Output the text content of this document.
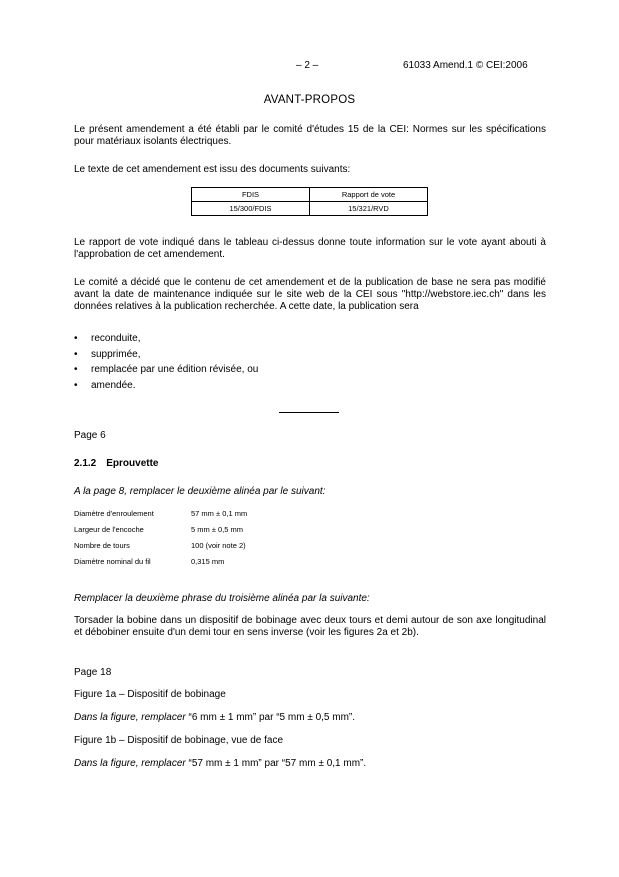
– 2 –	61033 Amend.1 © CEI:2006

AVANT-PROPOS

Le présent amendement a été établi par le comité d'études 15 de la CEI: Normes sur les spécifications pour matériaux isolants électriques.

Le texte de cet amendement est issu des documents suivants:

FDIS	Rapport de vote
15/300/FDIS	15/321/RVD

Le rapport de vote indiqué dans le tableau ci-dessus donne toute information sur le vote ayant abouti à l'approbation de cet amendement.

Le comité a décidé que le contenu de cet amendement et de la publication de base ne sera pas modifié avant la date de maintenance indiquée sur le site web de la CEI sous "http://webstore.iec.ch" dans les données relatives à la publication recherchée. A cette date, la publication sera

• reconduite,
• supprimée,
• remplacée par une édition révisée, ou
• amendée.

Page 6

2.1.2 Eprouvette

A la page 8, remplacer le deuxième alinéa par le suivant:

Diamètre d'enroulement	57 mm ± 0,1 mm
Largeur de l'encoche	5 mm ± 0,5 mm
Nombre de tours	100 (voir note 2)
Diamètre nominal du fil	0,315 mm

Remplacer la deuxième phrase du troisième alinéa par la suivante:

Torsader la bobine dans un dispositif de bobinage avec deux tours et demi autour de son axe longitudinal et débobiner ensuite d'un demi tour en sens inverse (voir les figures 2a et 2b).

Page 18

Figure 1a – Dispositif de bobinage

Dans la figure, remplacer “6 mm ± 1 mm” par “5 mm ± 0,5 mm”.

Figure 1b – Dispositif de bobinage, vue de face

Dans la figure, remplacer “57 mm ± 1 mm” par “57 mm ± 0,1 mm”.
